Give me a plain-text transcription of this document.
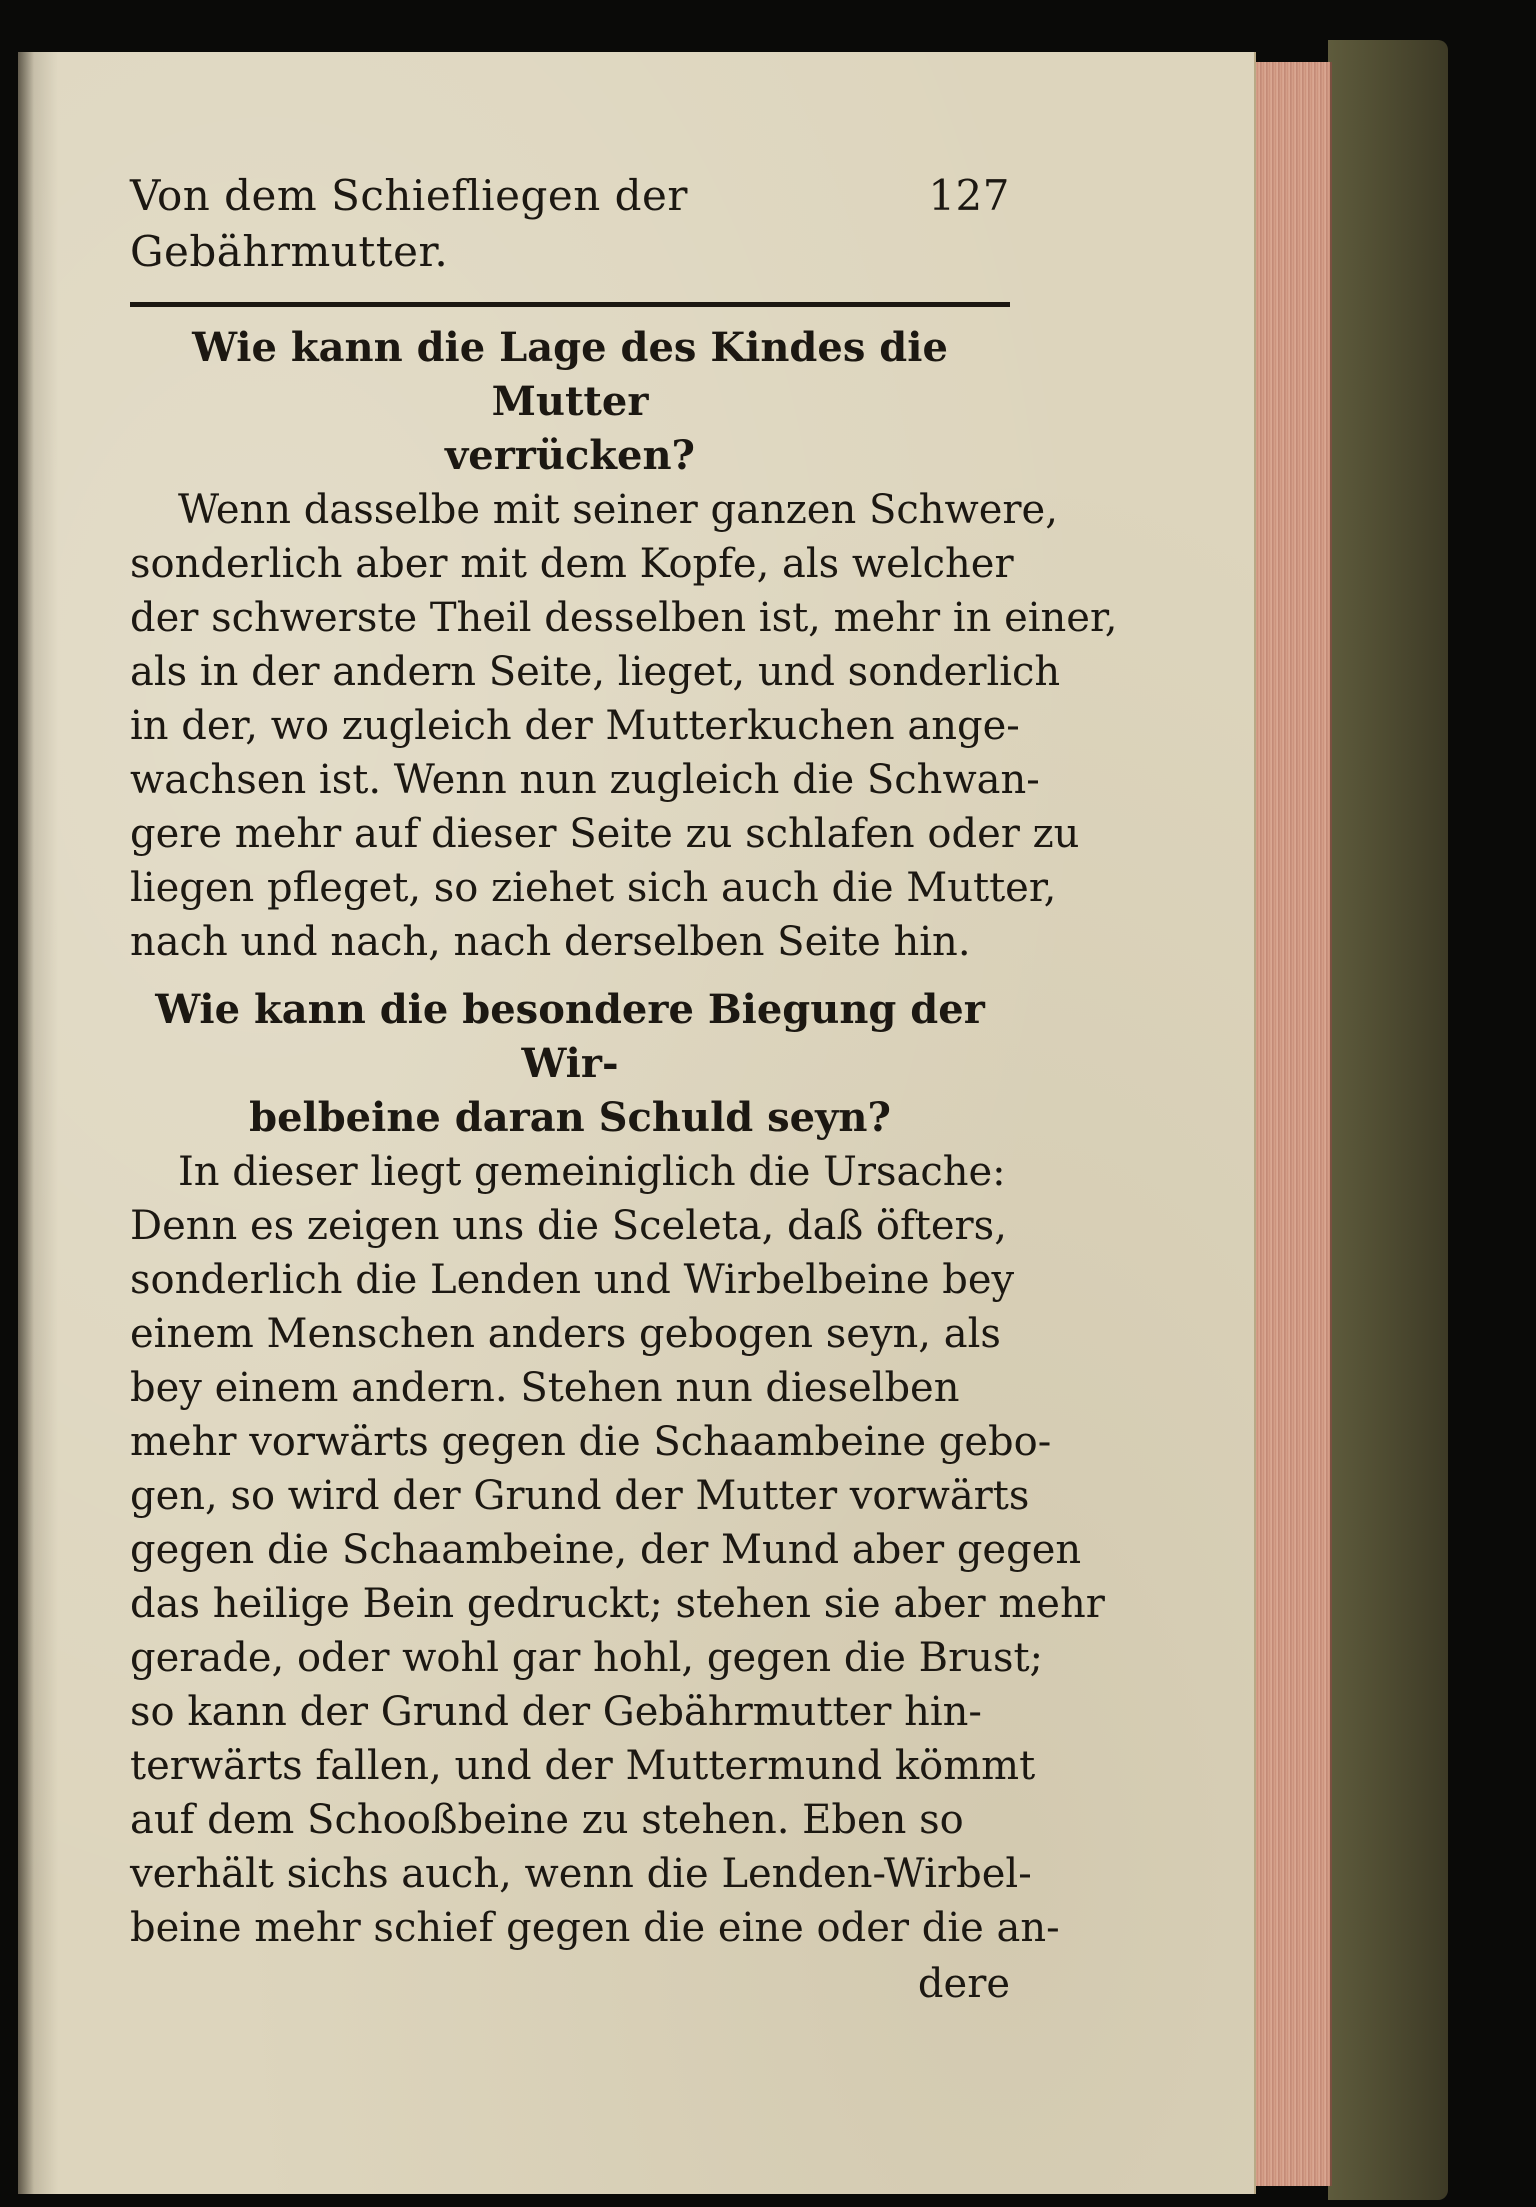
Von dem Schiefliegen der Gebährmutter.
127

Wie kann die Lage des Kindes die Mutter
verrücken?

Wenn dasselbe mit seiner ganzen Schwere,
sonderlich aber mit dem Kopfe, als welcher
der schwerste Theil desselben ist, mehr in einer,
als in der andern Seite, lieget, und sonderlich
in der, wo zugleich der Mutterkuchen ange-
wachsen ist. Wenn nun zugleich die Schwan-
gere mehr auf dieser Seite zu schlafen oder zu
liegen pfleget, so ziehet sich auch die Mutter,
nach und nach, nach derselben Seite hin.

Wie kann die besondere Biegung der Wir-
belbeine daran Schuld seyn?

In dieser liegt gemeiniglich die Ursache:
Denn es zeigen uns die Sceleta, daß öfters,
sonderlich die Lenden und Wirbelbeine bey
einem Menschen anders gebogen seyn, als
bey einem andern. Stehen nun dieselben
mehr vorwärts gegen die Schaambeine gebo-
gen, so wird der Grund der Mutter vorwärts
gegen die Schaambeine, der Mund aber gegen
das heilige Bein gedruckt; stehen sie aber mehr
gerade, oder wohl gar hohl, gegen die Brust;
so kann der Grund der Gebährmutter hin-
terwärts fallen, und der Muttermund kömmt
auf dem Schooßbeine zu stehen. Eben so
verhält sichs auch, wenn die Lenden-Wirbel-
beine mehr schief gegen die eine oder die an-

dere
